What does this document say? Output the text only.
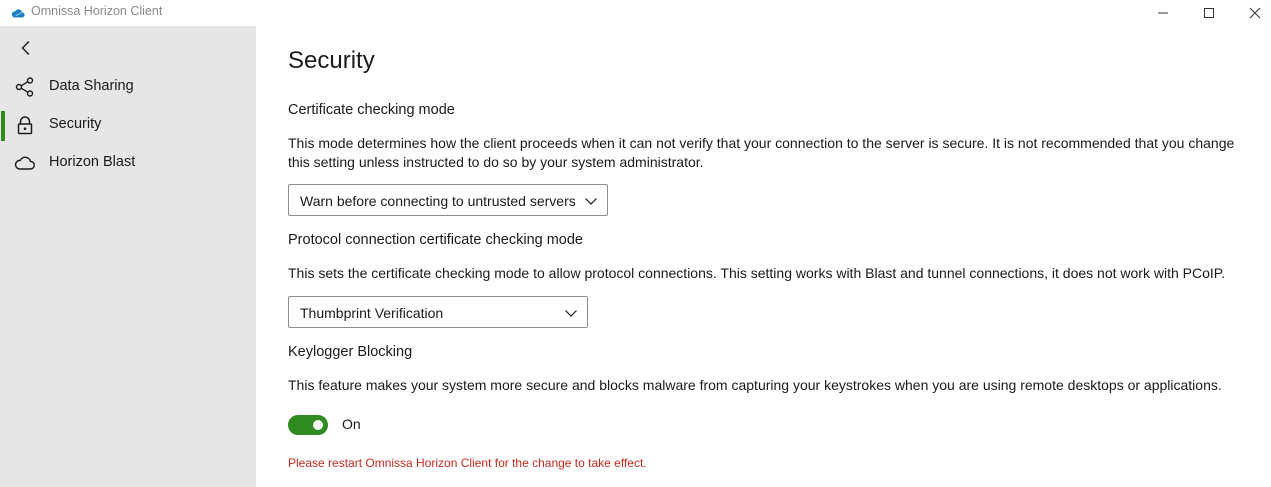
Omnissa Horizon Client
Data Sharing
Security
Horizon Blast
Security
Certificate checking mode
This mode determines how the client proceeds when it can not verify that your connection to the server is secure. It is not recommended that you change this setting unless instructed to do so by your system administrator.
Warn before connecting to untrusted servers
Protocol connection certificate checking mode
This sets the certificate checking mode to allow protocol connections. This setting works with Blast and tunnel connections, it does not work with PCoIP.
Thumbprint Verification
Keylogger Blocking
This feature makes your system more secure and blocks malware from capturing your keystrokes when you are using remote desktops or applications.
On
Please restart Omnissa Horizon Client for the change to take effect.
